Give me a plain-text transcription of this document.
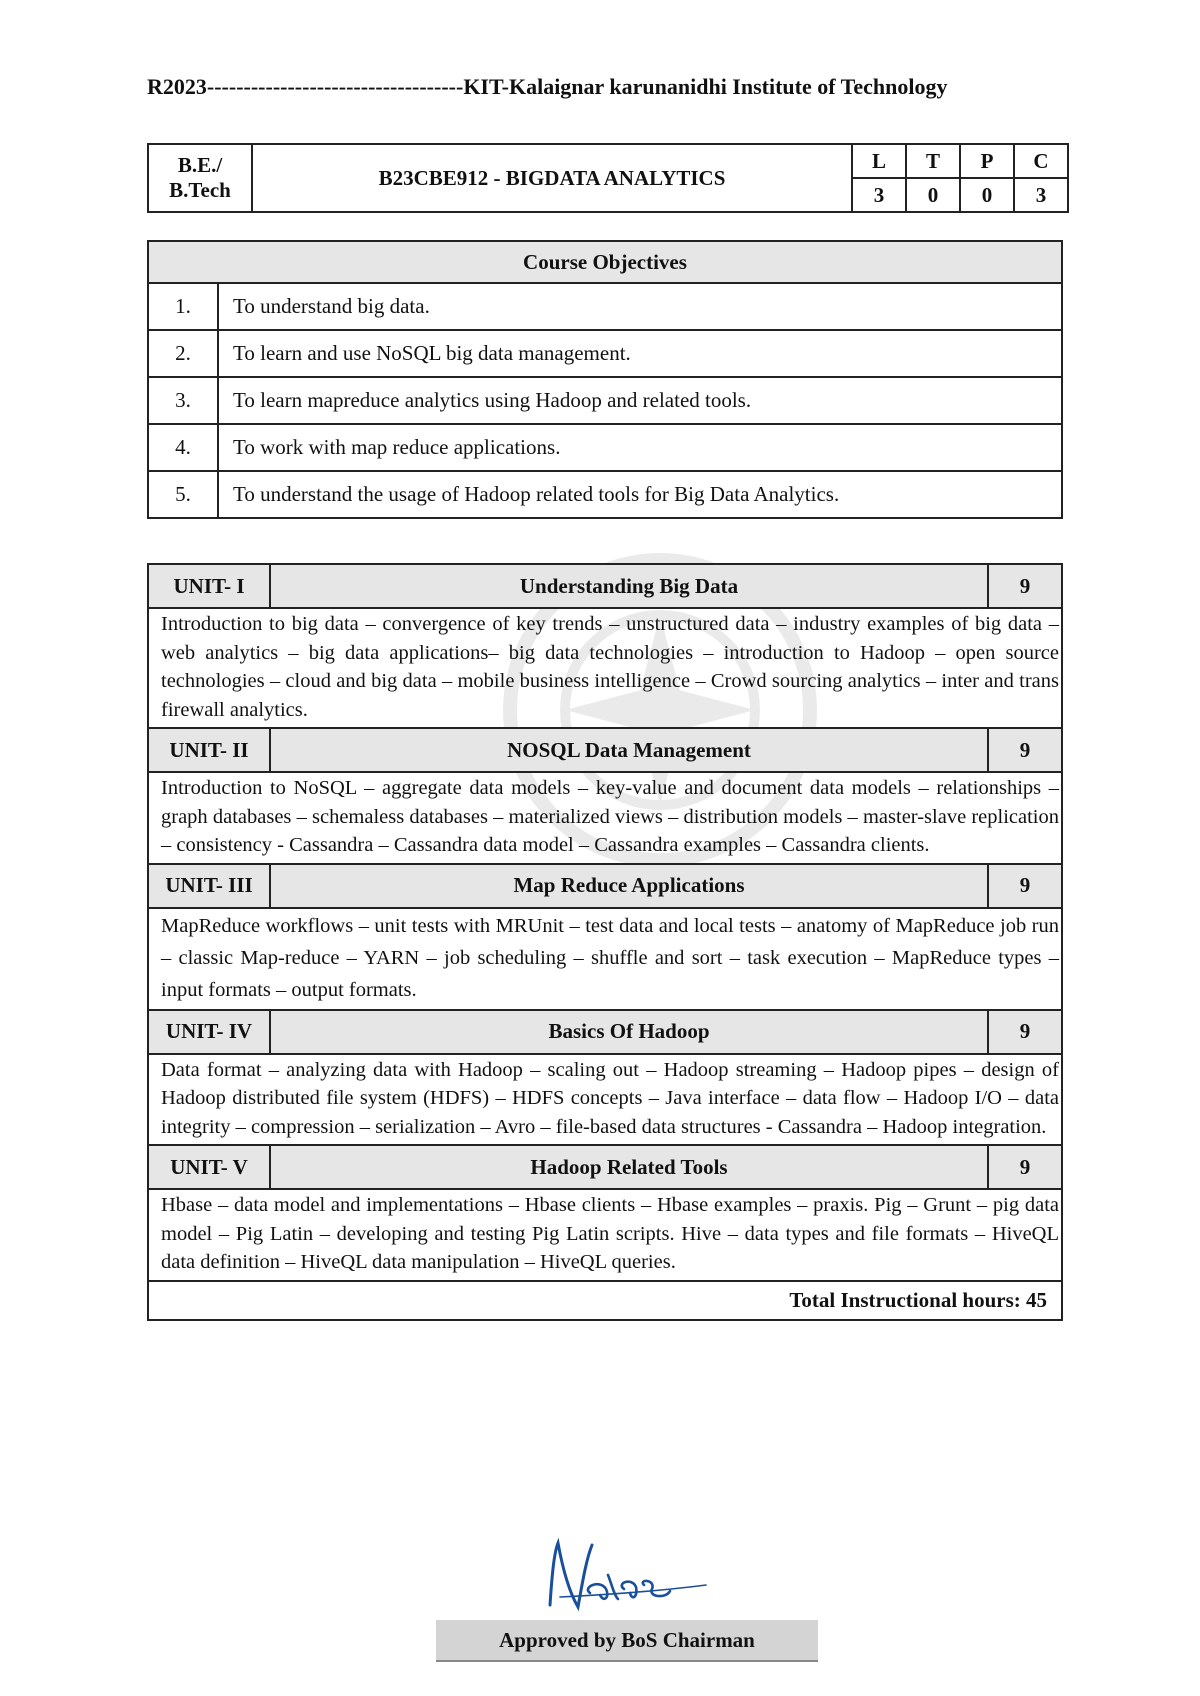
R2023-----------------------------------KIT-Kalaignar karunanidhi Institute of Technology
B.E./
B.Tech	B23CBE912 - BIGDATA ANALYTICS	L	T	P	C
		3	0	0	3
Course Objectives	
1.	To understand big data.
2.	To learn and use NoSQL big data management.
3.	To learn mapreduce analytics using Hadoop and related tools.
4.	To work with map reduce applications.
5.	To understand the usage of Hadoop related tools for Big Data Analytics.
UNIT- I	Understanding Big Data	9
Introduction to big data – convergence of key trends – unstructured data – industry examples of big data – web analytics – big data applications– big data technologies – introduction to Hadoop – open source technologies – cloud and big data – mobile business intelligence – Crowd sourcing analytics – inter and trans firewall analytics.		
UNIT- II	NOSQL Data Management	9
Introduction to NoSQL – aggregate data models – key-value and document data models – relationships – graph databases – schemaless databases – materialized views – distribution models – master-slave replication – consistency - Cassandra – Cassandra data model – Cassandra examples – Cassandra clients.		
UNIT- III	Map Reduce Applications	9
MapReduce workflows – unit tests with MRUnit – test data and local tests – anatomy of MapReduce job run – classic Map-reduce – YARN – job scheduling – shuffle and sort – task execution – MapReduce types – input formats – output formats.		
UNIT- IV	Basics Of Hadoop	9
Data format – analyzing data with Hadoop – scaling out – Hadoop streaming – Hadoop pipes – design of Hadoop distributed file system (HDFS) – HDFS concepts – Java interface – data flow – Hadoop I/O – data integrity – compression – serialization – Avro – file-based data structures - Cassandra – Hadoop integration.		
UNIT- V	Hadoop Related Tools	9
Hbase – data model and implementations – Hbase clients – Hbase examples – praxis. Pig – Grunt – pig data model – Pig Latin – developing and testing Pig Latin scripts. Hive – data types and file formats – HiveQL data definition – HiveQL data manipulation – HiveQL queries.		
Total Instructional hours: 45		
Approved by BoS Chairman
